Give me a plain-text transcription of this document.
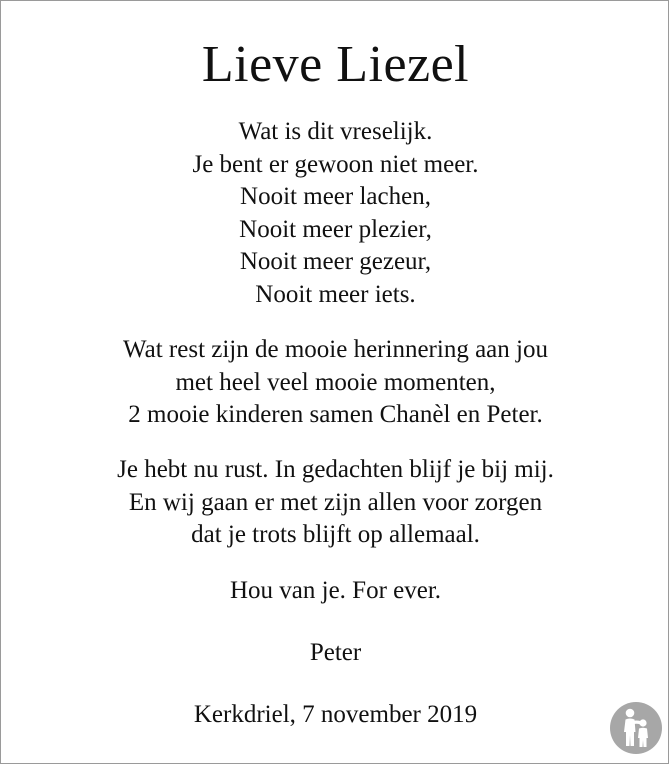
Lieve Liezel
Wat is dit vreselijk.
Je bent er gewoon niet meer.
Nooit meer lachen,
Nooit meer plezier,
Nooit meer gezeur,
Nooit meer iets.
Wat rest zijn de mooie herinnering aan jou
met heel veel mooie momenten,
2 mooie kinderen samen Chanèl en Peter.
Je hebt nu rust. In gedachten blijf je bij mij.
En wij gaan er met zijn allen voor zorgen
dat je trots blijft op allemaal.
Hou van je. For ever.
Peter
Kerkdriel, 7 november 2019
